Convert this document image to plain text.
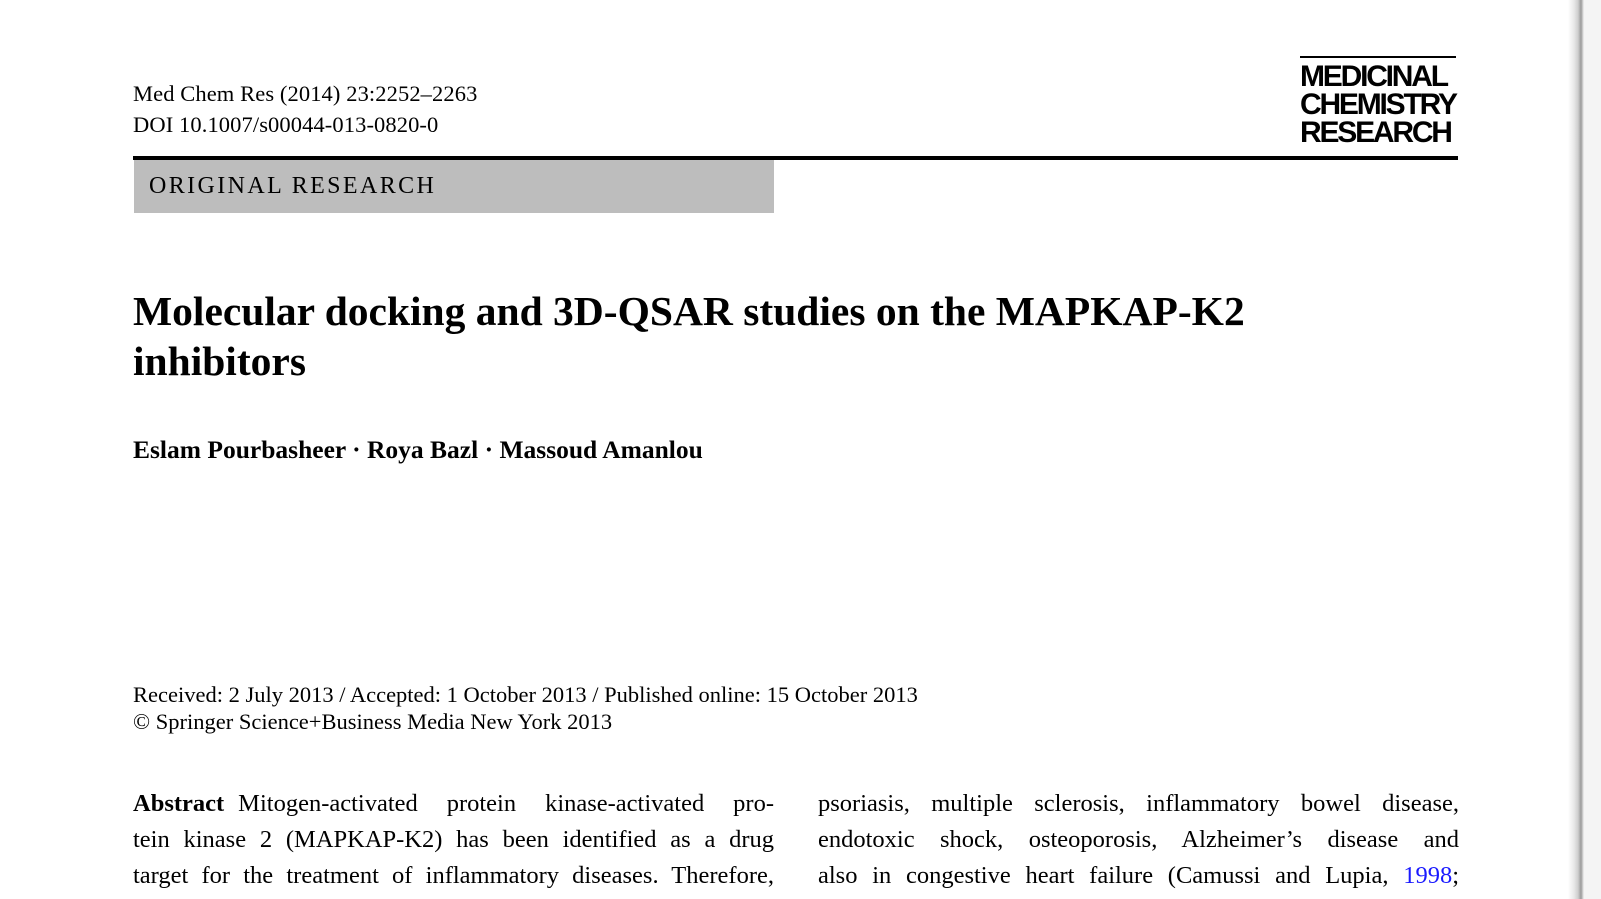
Med Chem Res (2014) 23:2252–2263
DOI 10.1007/s00044-013-0820-0
MEDICINAL
CHEMISTRY
RESEARCH
ORIGINAL RESEARCH
Molecular docking and 3D-QSAR studies on the MAPKAP-K2
inhibitors
Eslam Pourbasheer · Roya Bazl · Massoud Amanlou
Received: 2 July 2013 / Accepted: 1 October 2013 / Published online: 15 October 2013
© Springer Science+Business Media New York 2013
Abstract Mitogen-activated protein kinase-activated pro-
tein kinase 2 (MAPKAP-K2) has been identified as a drug
target for the treatment of inflammatory diseases. Therefore,
psoriasis, multiple sclerosis, inflammatory bowel disease,
endotoxic shock, osteoporosis, Alzheimer’s disease and
also in congestive heart failure (Camussi and Lupia, 1998;
